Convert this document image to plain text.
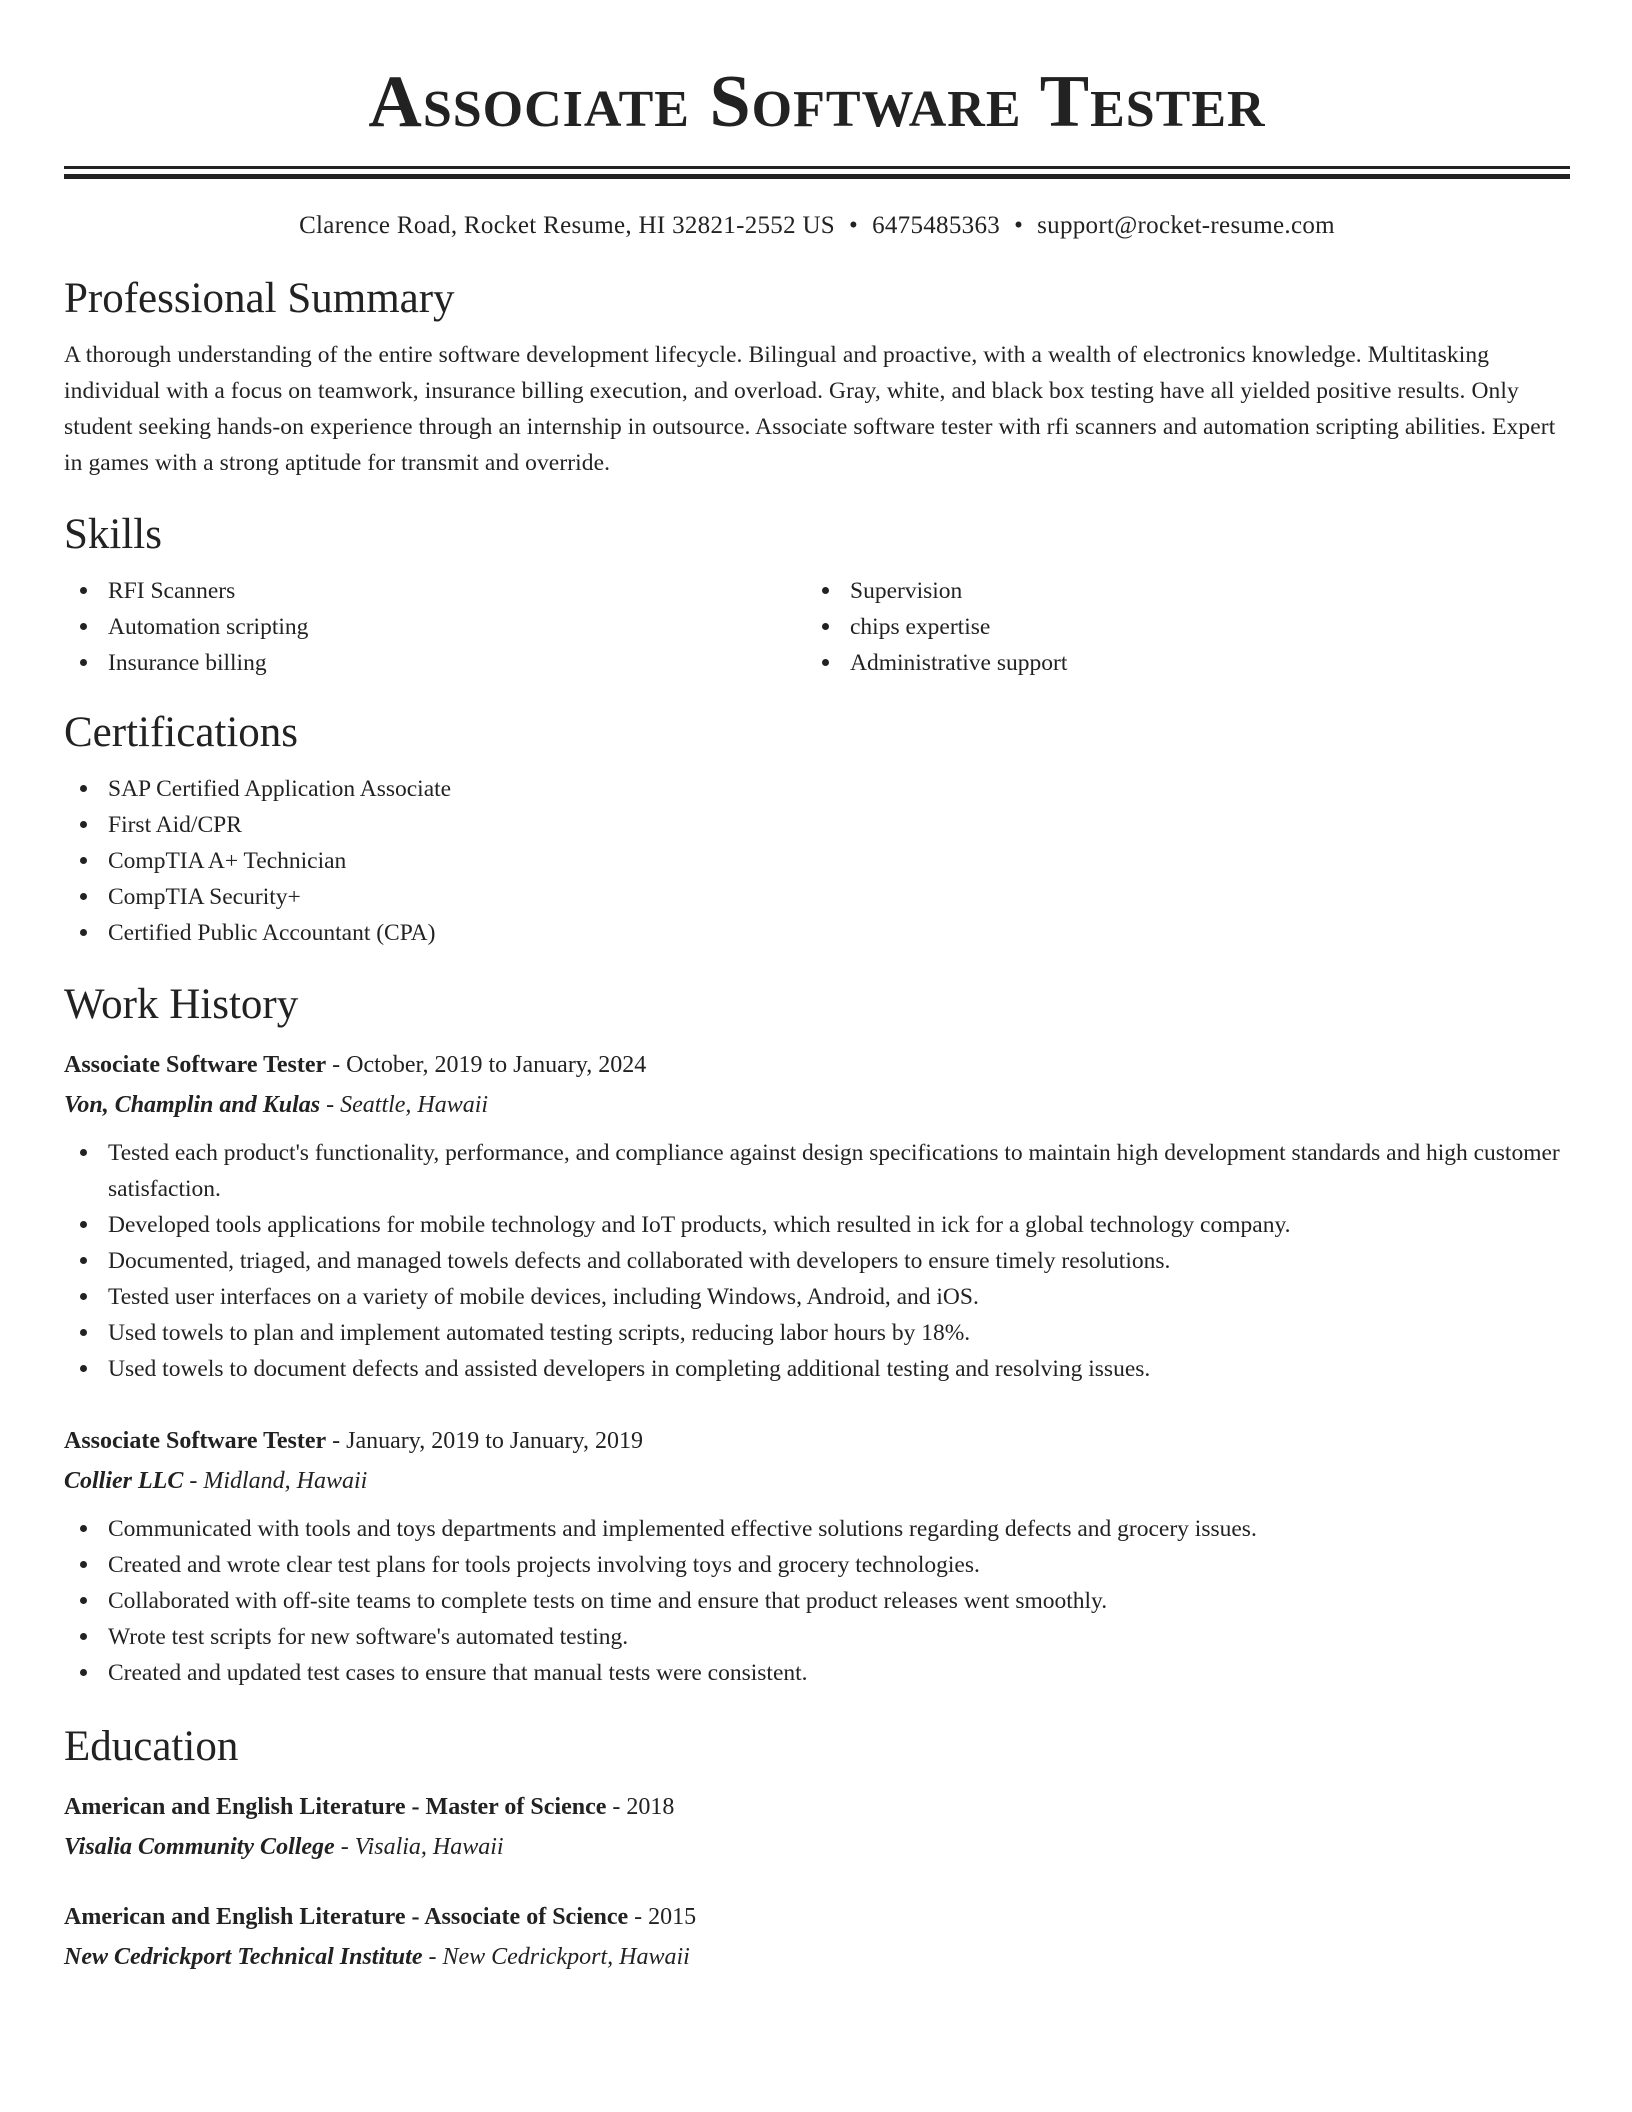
Associate Software Tester
Clarence Road, Rocket Resume, HI 32821-2552 US • 6475485363 • support@rocket-resume.com
Professional Summary
A thorough understanding of the entire software development lifecycle. Bilingual and proactive, with a wealth of electronics knowledge. Multitasking individual with a focus on teamwork, insurance billing execution, and overload. Gray, white, and black box testing have all yielded positive results. Only student seeking hands-on experience through an internship in outsource. Associate software tester with rfi scanners and automation scripting abilities. Expert in games with a strong aptitude for transmit and override.
Skills
RFI Scanners
Automation scripting
Insurance billing
Supervision
chips expertise
Administrative support
Certifications
SAP Certified Application Associate
First Aid/CPR
CompTIA A+ Technician
CompTIA Security+
Certified Public Accountant (CPA)
Work History
Associate Software Tester - October, 2019 to January, 2024
Von, Champlin and Kulas - Seattle, Hawaii
Tested each product's functionality, performance, and compliance against design specifications to maintain high development standards and high customer satisfaction.
Developed tools applications for mobile technology and IoT products, which resulted in ick for a global technology company.
Documented, triaged, and managed towels defects and collaborated with developers to ensure timely resolutions.
Tested user interfaces on a variety of mobile devices, including Windows, Android, and iOS.
Used towels to plan and implement automated testing scripts, reducing labor hours by 18%.
Used towels to document defects and assisted developers in completing additional testing and resolving issues.
Associate Software Tester - January, 2019 to January, 2019
Collier LLC - Midland, Hawaii
Communicated with tools and toys departments and implemented effective solutions regarding defects and grocery issues.
Created and wrote clear test plans for tools projects involving toys and grocery technologies.
Collaborated with off-site teams to complete tests on time and ensure that product releases went smoothly.
Wrote test scripts for new software's automated testing.
Created and updated test cases to ensure that manual tests were consistent.
Education
American and English Literature - Master of Science - 2018
Visalia Community College - Visalia, Hawaii
American and English Literature - Associate of Science - 2015
New Cedrickport Technical Institute - New Cedrickport, Hawaii
